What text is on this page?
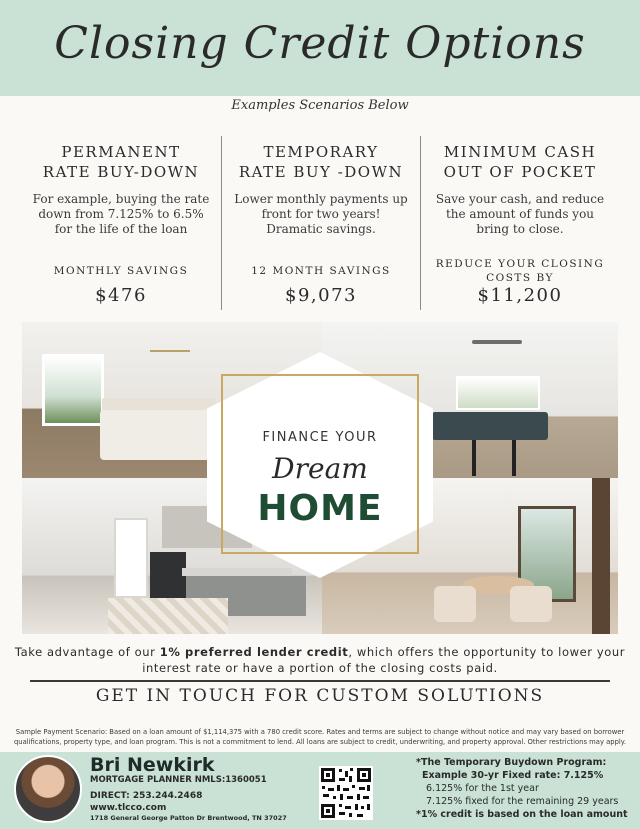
Closing Credit Options
Examples Scenarios Below
PERMANENT
RATE BUY-DOWN
For example, buying the rate down from 7.125% to 6.5% for the life of the loan
MONTHLY SAVINGS
$476
TEMPORARY
RATE BUY -DOWN
Lower monthly payments up front for two years! Dramatic savings.
12 MONTH SAVINGS
$9,073
MINIMUM CASH
OUT OF POCKET
Save your cash, and reduce the amount of funds you bring to close.
REDUCE YOUR CLOSING COSTS BY
$11,200
FINANCE YOUR
Dream
HOME
Take advantage of our 1% preferred lender credit, which offers the opportunity to lower your interest rate or have a portion of the closing costs paid.
GET IN TOUCH FOR CUSTOM SOLUTIONS
Sample Payment Scenario: Based on a loan amount of $1,114,375 with a 780 credit score. Rates and terms are subject to change without notice and may vary based on borrower qualifications, property type, and loan program. This is not a commitment to lend. All loans are subject to credit, underwriting, and property approval. Other restrictions may apply.
Bri Newkirk
MORTGAGE PLANNER NMLS:1360051
DIRECT: 253.244.2468
www.tlcco.com
1718 General George Patton Dr Brentwood, TN 37027
*The Temporary Buydown Program:
Example 30-yr Fixed rate: 7.125%
6.125% for the 1st year
7.125% fixed for the remaining 29 years
*1% credit is based on the loan amount
